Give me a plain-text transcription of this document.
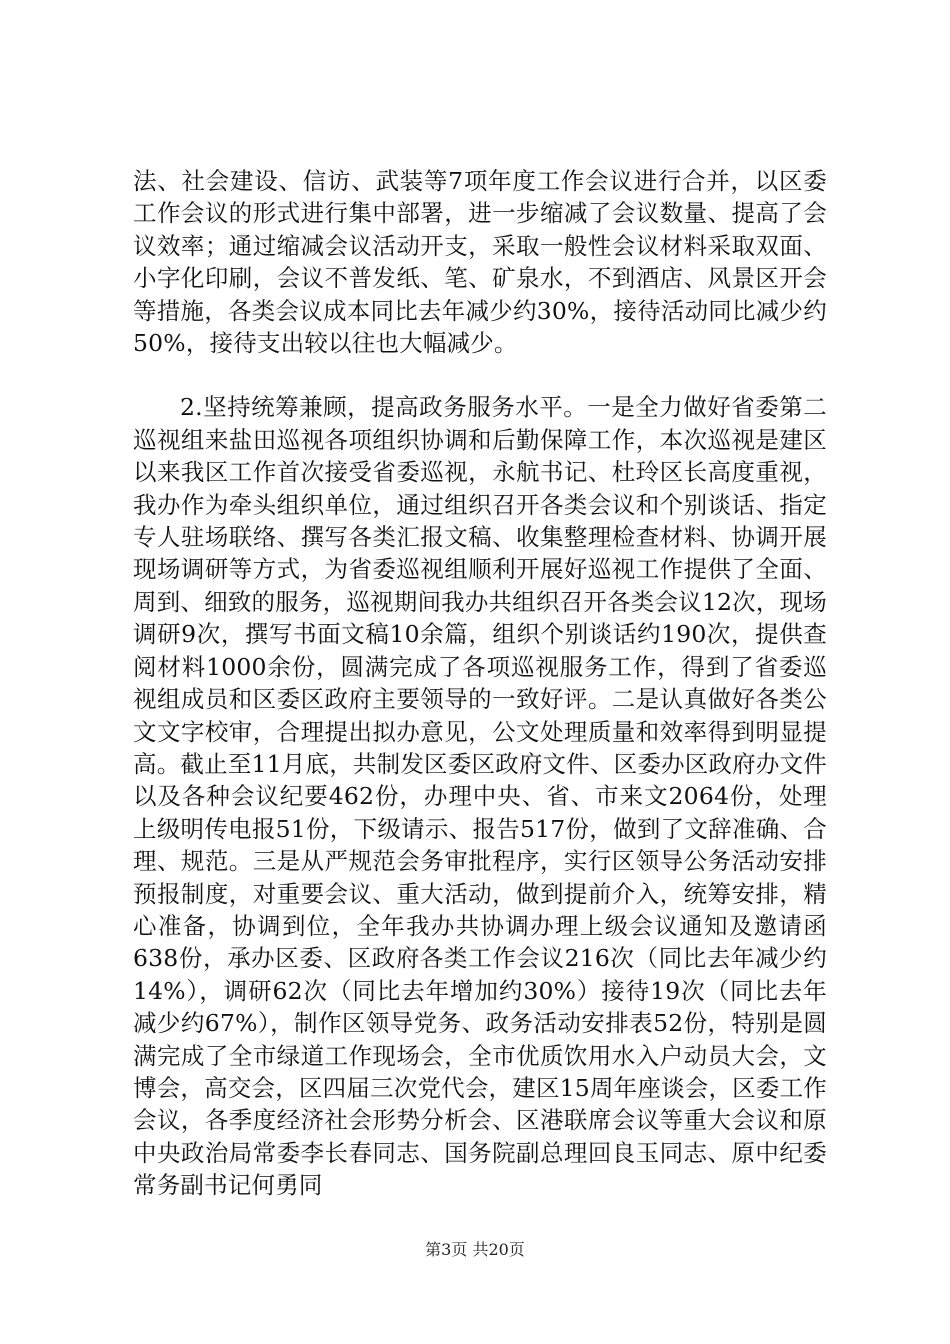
法、社会建设、信访、武装等7项年度工作会议进行合并，以区委工作会议的形式进行集中部署，进一步缩减了会议数量、提高了会议效率；通过缩减会议活动开支，采取一般性会议材料采取双面、小字化印刷，会议不普发纸、笔、矿泉水，不到酒店、风景区开会等措施，各类会议成本同比去年减少约30%，接待活动同比减少约50%，接待支出较以往也大幅减少。

2.坚持统筹兼顾，提高政务服务水平。一是全力做好省委第二巡视组来盐田巡视各项组织协调和后勤保障工作，本次巡视是建区以来我区工作首次接受省委巡视，永航书记、杜玲区长高度重视，我办作为牵头组织单位，通过组织召开各类会议和个别谈话、指定专人驻场联络、撰写各类汇报文稿、收集整理检查材料、协调开展现场调研等方式，为省委巡视组顺利开展好巡视工作提供了全面、周到、细致的服务，巡视期间我办共组织召开各类会议12次，现场调研9次，撰写书面文稿10余篇，组织个别谈话约190次，提供查阅材料1000余份，圆满完成了各项巡视服务工作，得到了省委巡视组成员和区委区政府主要领导的一致好评。二是认真做好各类公文文字校审，合理提出拟办意见，公文处理质量和效率得到明显提高。截止至11月底，共制发区委区政府文件、区委办区政府办文件以及各种会议纪要462份，办理中央、省、市来文2064份，处理上级明传电报51份，下级请示、报告517份，做到了文辞准确、合理、规范。三是从严规范会务审批程序，实行区领导公务活动安排预报制度，对重要会议、重大活动，做到提前介入，统筹安排，精心准备，协调到位，全年我办共协调办理上级会议通知及邀请函638份，承办区委、区政府各类工作会议216次（同比去年减少约14%），调研62次（同比去年增加约30%）接待19次（同比去年减少约67%），制作区领导党务、政务活动安排表52份，特别是圆满完成了全市绿道工作现场会，全市优质饮用水入户动员大会，文博会，高交会，区四届三次党代会，建区15周年座谈会，区委工作会议，各季度经济社会形势分析会、区港联席会议等重大会议和原中央政治局常委李长春同志、国务院副总理回良玉同志、原中纪委常务副书记何勇同

第3页 共20页
